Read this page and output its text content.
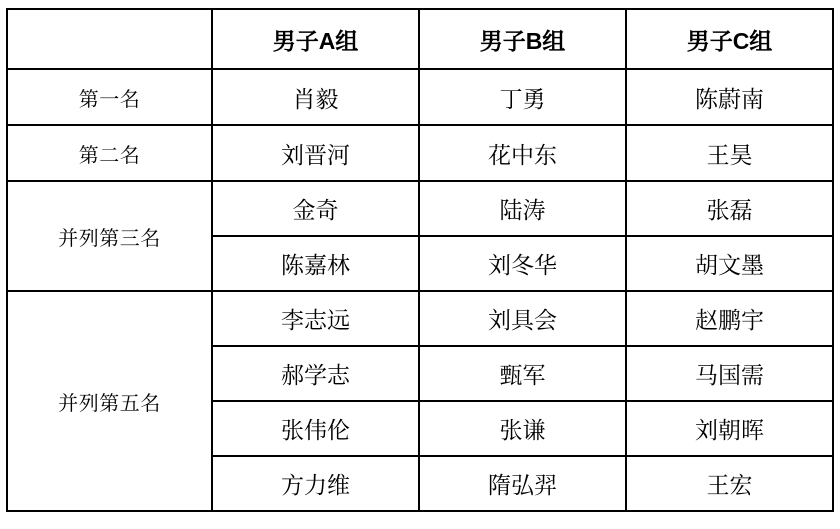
	男子A组	男子B组	男子C组
第一名	肖毅	丁勇	陈蔚南
第二名	刘晋河	花中东	王昊
并列第三名	金奇	陆涛	张磊
	陈嘉林	刘冬华	胡文墨
并列第五名	李志远	刘具会	赵鹏宇
	郝学志	甄军	马国需
	张伟伦	张谦	刘朝晖
	方力维	隋弘羿	王宏
